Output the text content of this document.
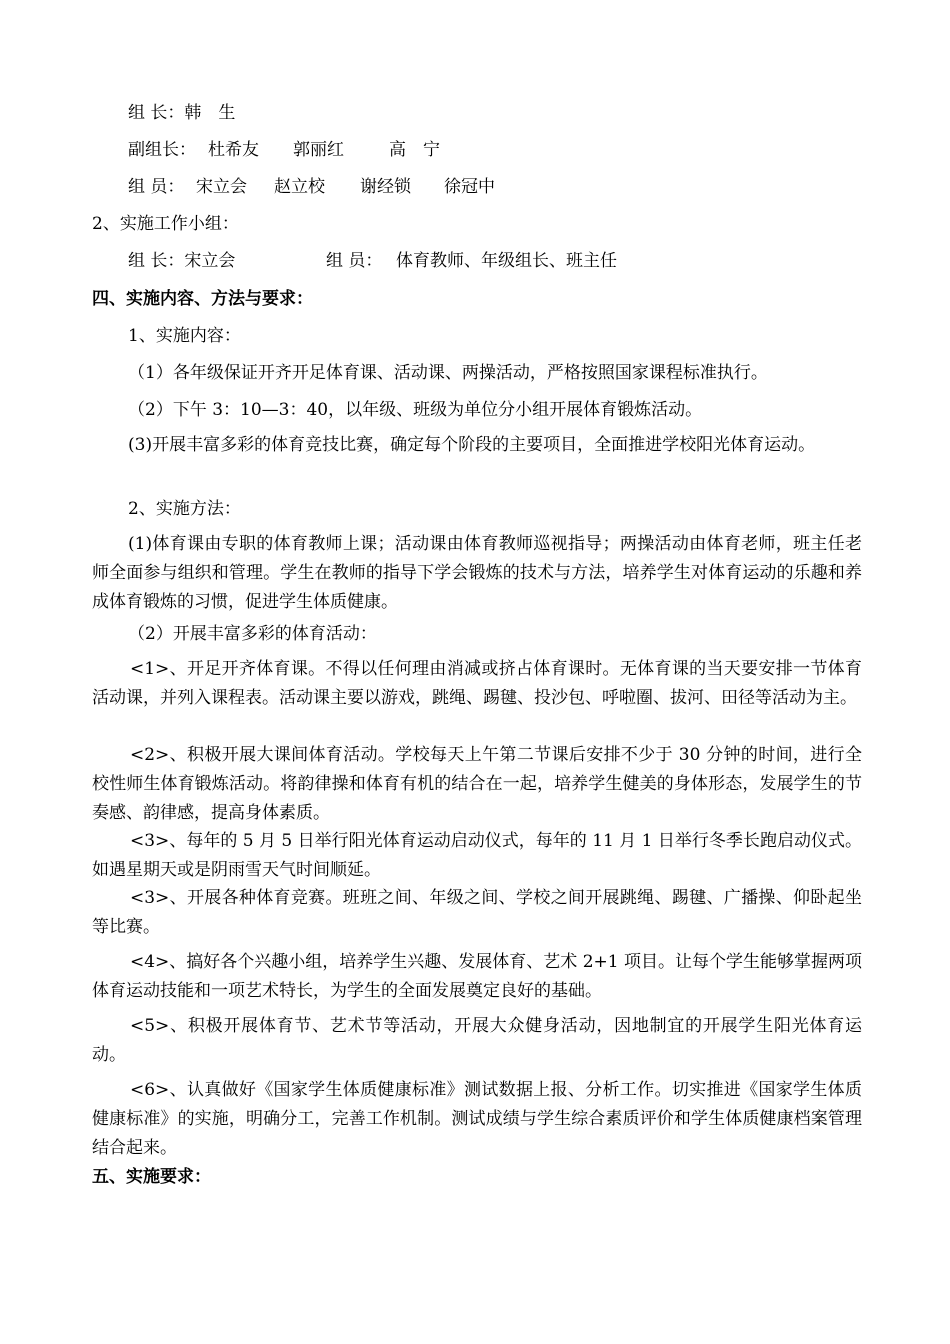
组 长：韩　生
副组长： 杜希友 郭丽红	高　宁
组 员： 宋立会 赵立校 谢经锁 徐冠中
2、实施工作小组：
组 长：宋立会	组 员： 体育教师、年级组长、班主任
四、实施内容、方法与要求：
1、实施内容：
（1）各年级保证开齐开足体育课、活动课、两操活动，严格按照国家课程标准执行。
（2）下午 3：10—3：40，以年级、班级为单位分小组开展体育锻炼活动。
(3)开展丰富多彩的体育竞技比赛，确定每个阶段的主要项目，全面推进学校阳光体育运动。
2、实施方法：
(1)体育课由专职的体育教师上课；活动课由体育教师巡视指导；两操活动由体育老师，班主任老师全面参与组织和管理。学生在教师的指导下学会锻炼的技术与方法，培养学生对体育运动的乐趣和养成体育锻炼的习惯，促进学生体质健康。
（2）开展丰富多彩的体育活动：
<1>、开足开齐体育课。不得以任何理由消减或挤占体育课时。无体育课的当天要安排一节体育活动课，并列入课程表。活动课主要以游戏，跳绳、踢毽、投沙包、呼啦圈、拔河、田径等活动为主。
<2>、积极开展大课间体育活动。学校每天上午第二节课后安排不少于 30 分钟的时间，进行全校性师生体育锻炼活动。将韵律操和体育有机的结合在一起，培养学生健美的身体形态，发展学生的节奏感、韵律感，提高身体素质。
<3>、每年的 5 月 5 日举行阳光体育运动启动仪式，每年的 11 月 1 日举行冬季长跑启动仪式。如遇星期天或是阴雨雪天气时间顺延。
<3>、开展各种体育竞赛。班班之间、年级之间、学校之间开展跳绳、踢毽、广播操、仰卧起坐等比赛。
<4>、搞好各个兴趣小组，培养学生兴趣、发展体育、艺术 2+1 项目。让每个学生能够掌握两项体育运动技能和一项艺术特长，为学生的全面发展奠定良好的基础。
<5>、积极开展体育节、艺术节等活动，开展大众健身活动，因地制宜的开展学生阳光体育运动。
<6>、认真做好《国家学生体质健康标准》测试数据上报、分析工作。切实推进《国家学生体质健康标准》的实施，明确分工，完善工作机制。测试成绩与学生综合素质评价和学生体质健康档案管理结合起来。
五、实施要求：
